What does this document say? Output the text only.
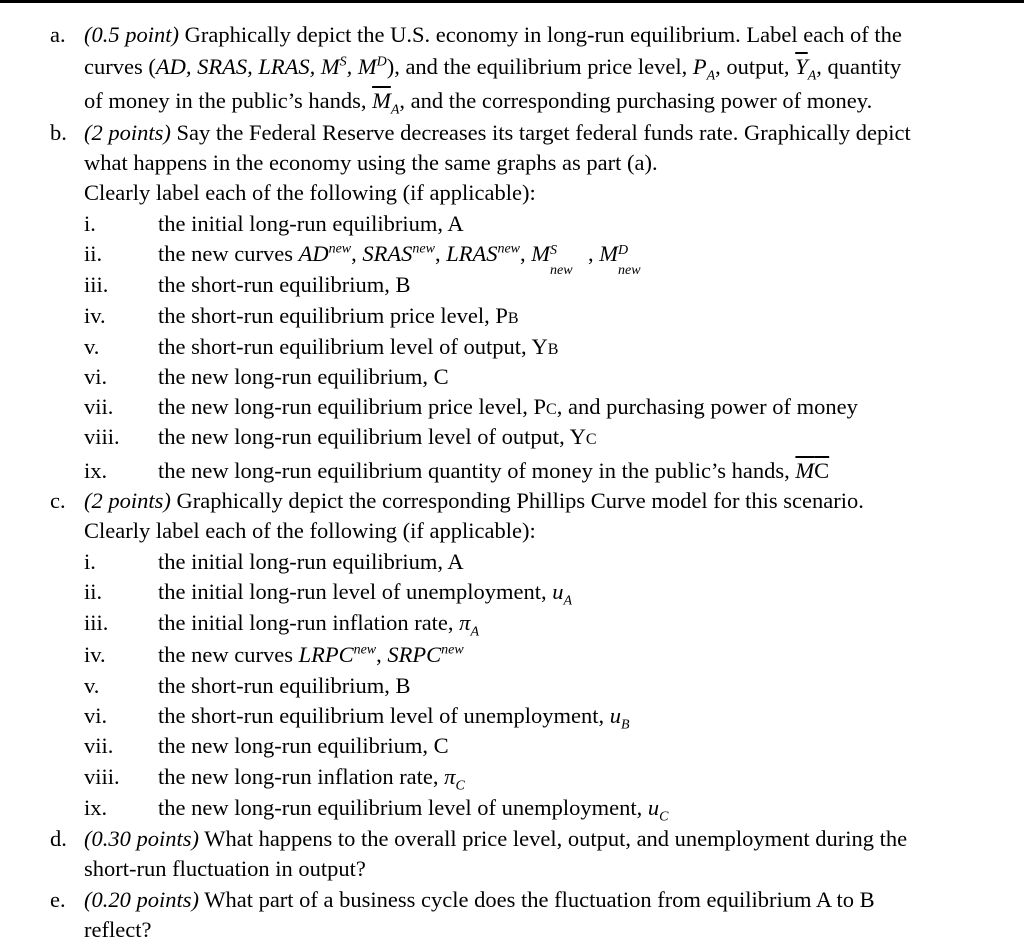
a. (0.5 point) Graphically depict the U.S. economy in long-run equilibrium. Label each of the
curves (AD, SRAS, LRAS, $M^S$, $M^D$), and the equilibrium price level, $P_A$, output, $\overline{Y}_A$, quantity
of money in the public’s hands, $\overline{M}_A$, and the corresponding purchasing power of money.
b. (2 points) Say the Federal Reserve decreases its target federal funds rate. Graphically depict
what happens in the economy using the same graphs as part (a).
Clearly label each of the following (if applicable):
i.	the initial long-run equilibrium, A
ii. the new curves $AD^{new}$, $SRAS^{new}$, $LRAS^{new}$, M S
new
, M D
new
iii. the short-run equilibrium, B
iv. the short-run equilibrium price level, PB
v.	the short-run equilibrium level of output, YB
vi. the new long-run equilibrium, C
vii. the new long-run equilibrium price level, PC, and purchasing power of money
viii. the new long-run equilibrium level of output, YC
ix. the new long-run equilibrium quantity of money in the public’s hands, $\overline{M}\overline{C}$
c. (2 points) Graphically depict the corresponding Phillips Curve model for this scenario.
Clearly label each of the following (if applicable):
i.	the initial long-run equilibrium, A
ii. the initial long-run level of unemployment, $u_A$
iii. the initial long-run inflation rate, $\pi_A$
iv. the new curves $LRPC^{new}$, $SRPC^{new}$
v.	the short-run equilibrium, B
vi. the short-run equilibrium level of unemployment, $u_B$
vii. the new long-run equilibrium, C
viii. the new long-run inflation rate, $\pi_C$
ix. the new long-run equilibrium level of unemployment, $u_C$
d. (0.30 points) What happens to the overall price level, output, and unemployment during the
short-run fluctuation in output?
e. (0.20 points) What part of a business cycle does the fluctuation from equilibrium A to B
reflect?
